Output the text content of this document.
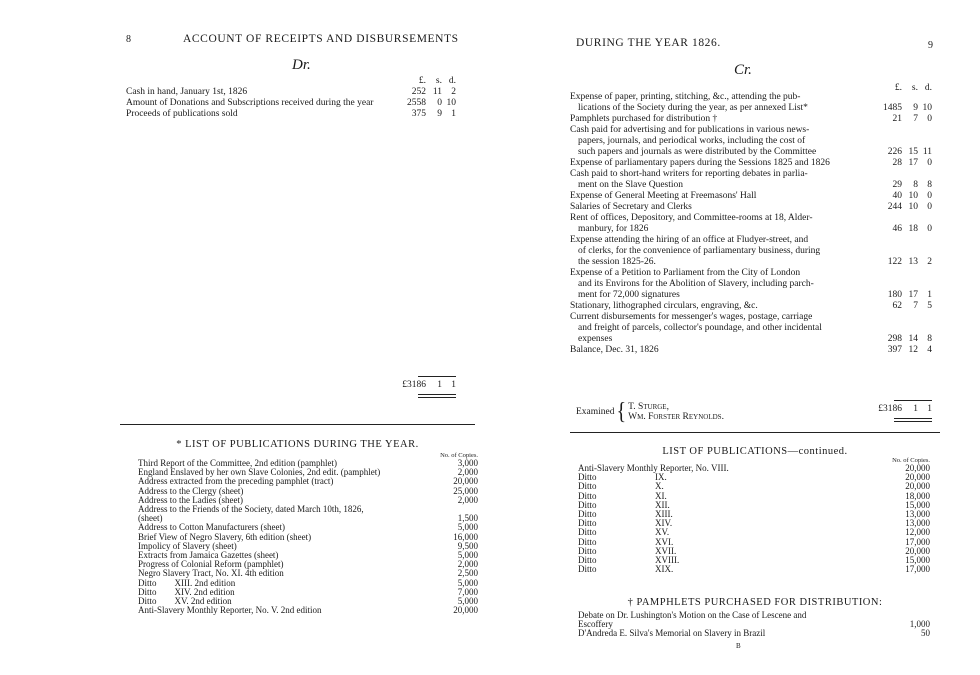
8	ACCOUNT OF RECEIPTS AND DISBURSEMENTS
Dr.
£.	s. d.
Cash in hand, January 1st, 1826	252 11 2
Amount of Donations and Subscriptions received during the year	2558	0 10
Proceeds of publications sold	375	9 1
£3186	1 1
* LIST OF PUBLICATIONS DURING THE YEAR.
No. of Copies.
Third Report of the Committee, 2nd edition (pamphlet)	3,000
England Enslaved by her own Slave Colonies, 2nd edit. (pamphlet)	2,000
Address extracted from the preceding pamphlet (tract)	20,000
Address to the Clergy (sheet)	25,000
Address to the Ladies (sheet)	2,000
Address to the Friends of the Society, dated March 10th, 1826,
(sheet)	1,500
Address to Cotton Manufacturers (sheet)	5,000
Brief View of Negro Slavery, 6th edition (sheet)	16,000
Impolicy of Slavery (sheet)	9,500
Extracts from Jamaica Gazettes (sheet)	5,000
Progress of Colonial Reform (pamphlet)	2,000
Negro Slavery Tract, No. XI. 4th edition	2,500
Ditto        XIII. 2nd edition	5,000
Ditto        XIV. 2nd edition	7,000
Ditto        XV. 2nd edition	5,000
Anti-Slavery Monthly Reporter, No. V. 2nd edition	20,000
DURING THE YEAR 1826.	9
Cr.
£.	s. d.
Expense of paper, printing, stitching, &c., attending the pub-
lications of the Society during the year, as per annexed List*	1485	9 10
Pamphlets purchased for distribution †	21	7 0
Cash paid for advertising and for publications in various news-
papers, journals, and periodical works, including the cost of
such papers and journals as were distributed by the Committee	226 15 11
Expense of parliamentary papers during the Sessions 1825 and 1826	28 17 0
Cash paid to short-hand writers for reporting debates in parlia-
ment on the Slave Question	29	8 8
Expense of General Meeting at Freemasons' Hall	40 10 0
Salaries of Secretary and Clerks	244 10 0
Rent of offices, Depository, and Committee-rooms at 18, Alder-
manbury, for 1826	46 18 0
Expense attending the hiring of an office at Fludyer-street, and
of clerks, for the convenience of parliamentary business, during
the session 1825-26.	122 13 2
Expense of a Petition to Parliament from the City of London
and its Environs for the Abolition of Slavery, including parch-
ment for 72,000 signatures	180 17 1
Stationary, lithographed circulars, engraving, &c.	62	7 5
Current disbursements for messenger's wages, postage, carriage
and freight of parcels, collector's poundage, and other incidental
expenses	298 14 8
Balance, Dec. 31, 1826	397 12 4
Examined { T. Sturge,
Wm. Forster Reynolds.
£3186	1 1
LIST OF PUBLICATIONS—continued.
No. of Copies.
Anti-Slavery Monthly Reporter, No. VIII.	20,000
Ditto                          IX.	20,000
Ditto                          X.	20,000
Ditto                          XI.	18,000
Ditto                          XII.	15,000
Ditto                          XIII.	13,000
Ditto                          XIV.	13,000
Ditto                          XV.	12,000
Ditto                          XVI.	17,000
Ditto                          XVII.	20,000
Ditto                          XVIII.	15,000
Ditto                          XIX.	17,000
† PAMPHLETS PURCHASED FOR DISTRIBUTION:
Debate on Dr. Lushington's Motion on the Case of Lescene and
Escoffery	1,000
D'Andreda E. Silva's Memorial on Slavery in Brazil	50
B
